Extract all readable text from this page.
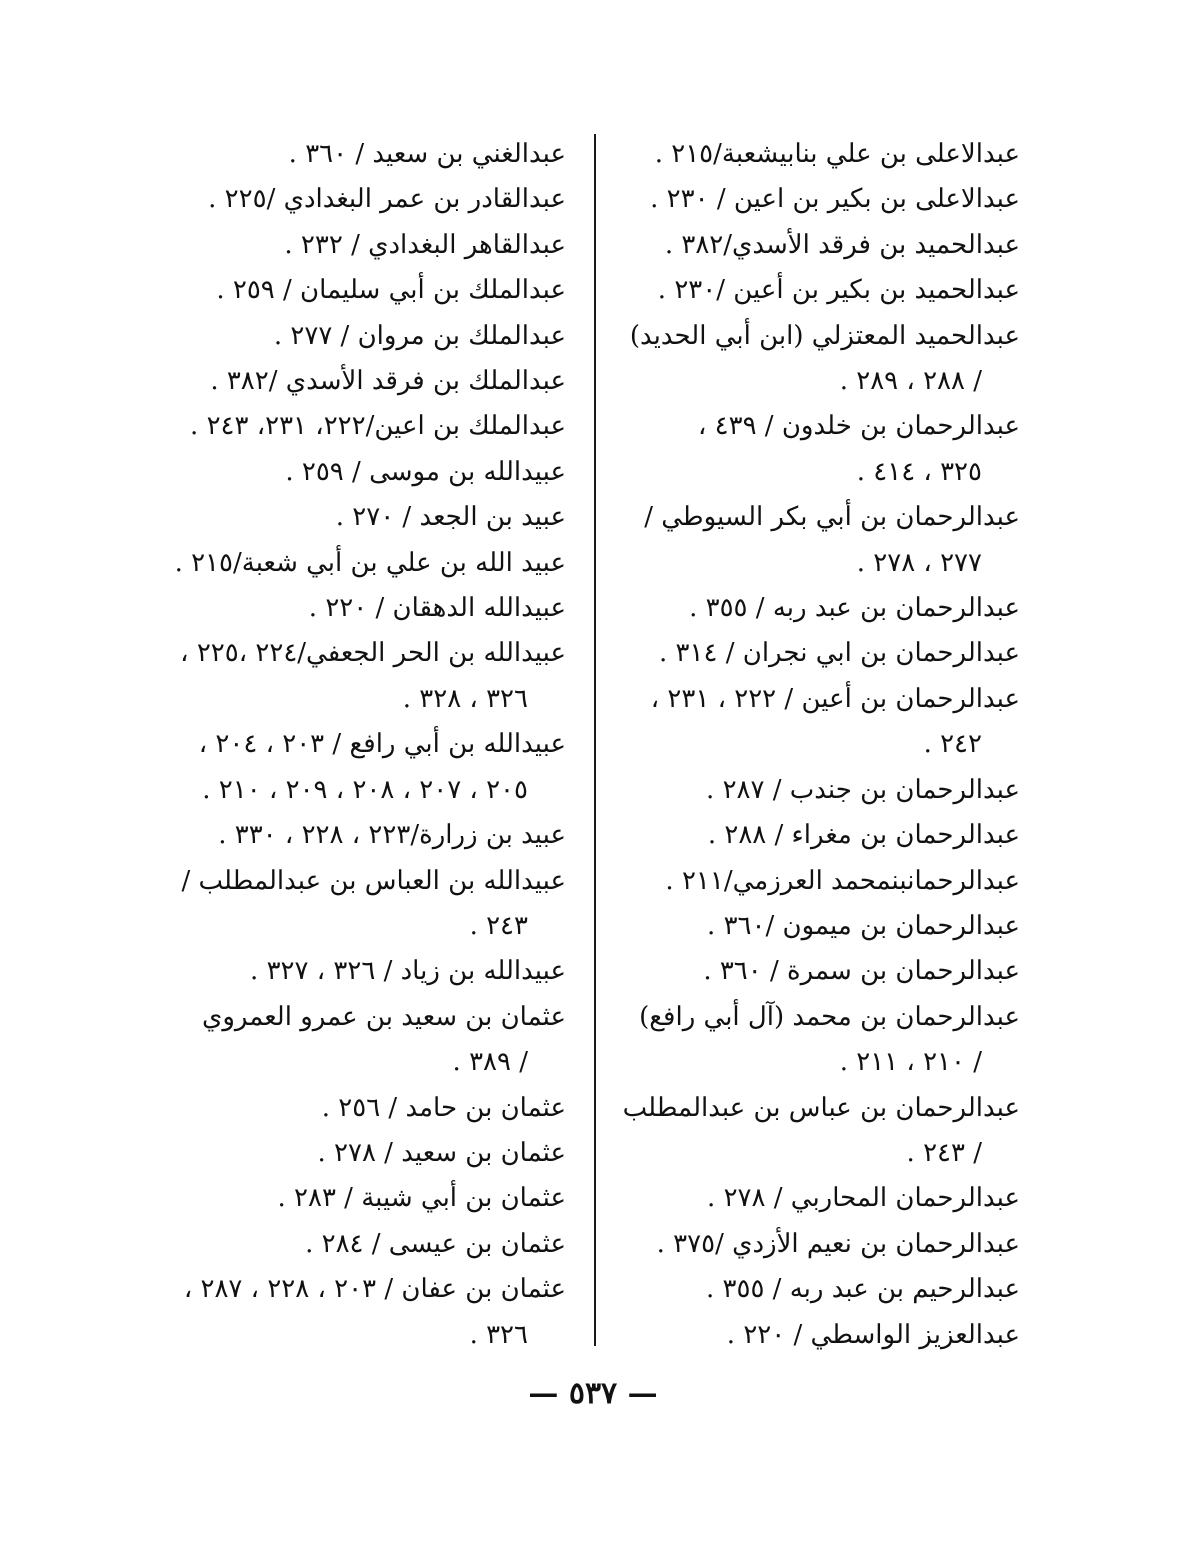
عبدالاعلى بن علي بنابيشعبة/٢١٥ .
عبدالاعلى بن بكير بن اعين / ٢٣٠ .
عبدالحميد بن فرقد الأسدي/٣٨٢ .
عبدالحميد بن بكير بن أعين /٢٣٠ .
عبدالحميد المعتزلي (ابن أبي الحديد)
/ ٢٨٨ ، ٢٨٩ .
عبدالرحمان بن خلدون / ٤٣٩ ،
٣٢٥ ، ٤١٤ .
عبدالرحمان بن أبي بكر السيوطي /
٢٧٧ ، ٢٧٨ .
عبدالرحمان بن عبد ربه / ٣٥٥ .
عبدالرحمان بن ابي نجران / ٣١٤ .
عبدالرحمان بن أعين / ٢٢٢ ، ٢٣١ ،
٢٤٢ .
عبدالرحمان بن جندب / ٢٨٧ .
عبدالرحمان بن مغراء / ٢٨٨ .
عبدالرحمانبنمحمد العرزمي/٢١١ .
عبدالرحمان بن ميمون /٣٦٠ .
عبدالرحمان بن سمرة / ٣٦٠ .
عبدالرحمان بن محمد (آل أبي رافع)
/ ٢١٠ ، ٢١١ .
عبدالرحمان بن عباس بن عبدالمطلب
/ ٢٤٣ .
عبدالرحمان المحاربي / ٢٧٨ .
عبدالرحمان بن نعيم الأزدي /٣٧٥ .
عبدالرحيم بن عبد ربه / ٣٥٥ .
عبدالعزيز الواسطي / ٢٢٠ .
عبدالغني بن سعيد / ٣٦٠ .
عبدالقادر بن عمر البغدادي /٢٢٥ .
عبدالقاهر البغدادي / ٢٣٢ .
عبدالملك بن أبي سليمان / ٢٥٩ .
عبدالملك بن مروان / ٢٧٧ .
عبدالملك بن فرقد الأسدي /٣٨٢ .
عبدالملك بن اعين/٢٢٢، ٢٣١، ٢٤٣ .
عبيدالله بن موسى / ٢٥٩ .
عبيد بن الجعد / ٢٧٠ .
عبيد الله بن علي بن أبي شعبة/٢١٥ .
عبيدالله الدهقان / ٢٢٠ .
عبيدالله بن الحر الجعفي/٢٢٤ ،٢٢٥ ،
٣٢٦ ، ٣٢٨ .
عبيدالله بن أبي رافع / ٢٠٣ ، ٢٠٤ ،
٢٠٥ ، ٢٠٧ ، ٢٠٨ ، ٢٠٩ ، ٢١٠ .
عبيد بن زرارة/٢٢٣ ، ٢٢٨ ، ٣٣٠ .
عبيدالله بن العباس بن عبدالمطلب /
٢٤٣ .
عبيدالله بن زياد / ٣٢٦ ، ٣٢٧ .
عثمان بن سعيد بن عمرو العمروي
/ ٣٨٩ .
عثمان بن حامد / ٢٥٦ .
عثمان بن سعيد / ٢٧٨ .
عثمان بن أبي شيبة / ٢٨٣ .
عثمان بن عيسى / ٢٨٤ .
عثمان بن عفان / ٢٠٣ ، ٢٢٨ ، ٢٨٧ ،
٣٢٦ .
— ٥٣٧ —
